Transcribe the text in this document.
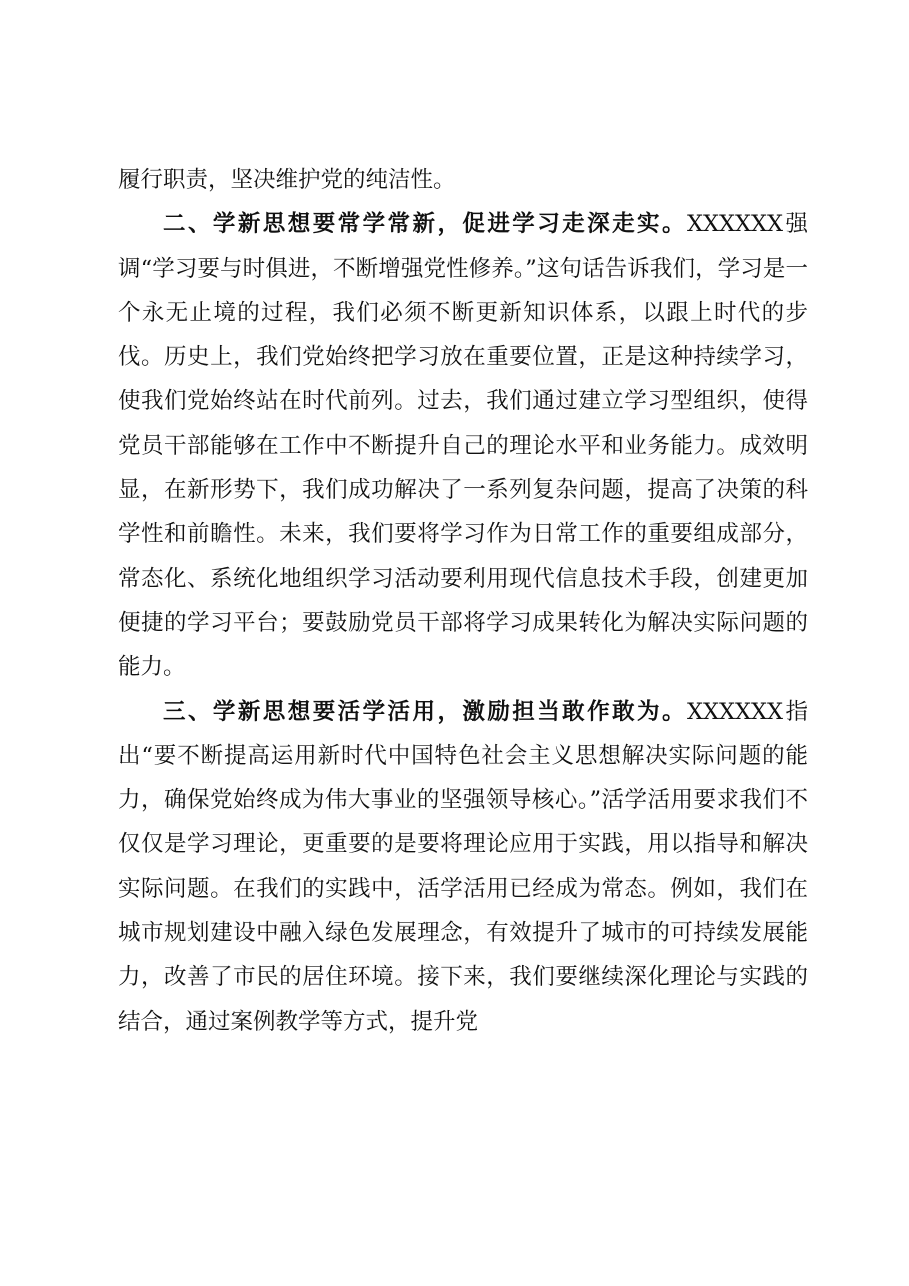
履行职责，坚决维护党的纯洁性。

二、学新思想要常学常新，促进学习走深走实。XXXXXX强调“学习要与时俱进，不断增强党性修养。”这句话告诉我们，学习是一个永无止境的过程，我们必须不断更新知识体系，以跟上时代的步伐。历史上，我们党始终把学习放在重要位置，正是这种持续学习，使我们党始终站在时代前列。过去，我们通过建立学习型组织，使得党员干部能够在工作中不断提升自己的理论水平和业务能力。成效明显，在新形势下，我们成功解决了一系列复杂问题，提高了决策的科学性和前瞻性。未来，我们要将学习作为日常工作的重要组成部分，常态化、系统化地组织学习活动要利用现代信息技术手段，创建更加便捷的学习平台；要鼓励党员干部将学习成果转化为解决实际问题的能力。

三、学新思想要活学活用，激励担当敢作敢为。XXXXXX指出“要不断提高运用新时代中国特色社会主义思想解决实际问题的能力，确保党始终成为伟大事业的坚强领导核心。”活学活用要求我们不仅仅是学习理论，更重要的是要将理论应用于实践，用以指导和解决实际问题。在我们的实践中，活学活用已经成为常态。例如，我们在城市规划建设中融入绿色发展理念，有效提升了城市的可持续发展能力，改善了市民的居住环境。接下来，我们要继续深化理论与实践的结合，通过案例教学等方式，提升党
